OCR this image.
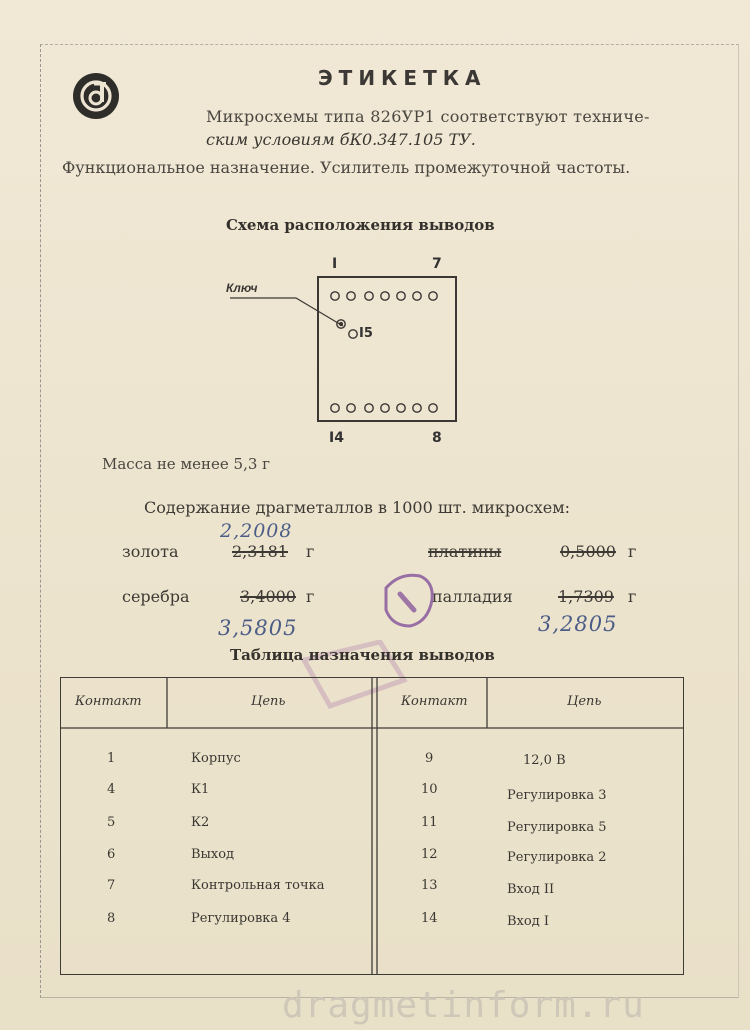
ЭТИКЕТКА
Микросхемы типа 826УР1 соответствуют техниче-
ским условиям бК0.347.105 ТУ.
Функциональное назначение. Усилитель промежуточной частоты.
Схема расположения выводов
I	7
Ключ
I5
I4	8
Масса не менее 5,3 г
Содержание драгметаллов в 1000 шт. микросхем:
2,2008
золота	2,3181 г	платины	0,5000 г
серебра	3,4000 г	палладия	1,7309 г
3,5805	3,2805
Таблица назначения выводов
Контакт	Цепь	Контакт	Цепь
1	Корпус	9	12,0 В
4	К1	10	Регулировка 3
5	К2	11	Регулировка 5
6	Выход	12	Регулировка 2
7	Контрольная точка	13	Вход II
8	Регулировка 4	14	Вход I
dragmetinform.ru
